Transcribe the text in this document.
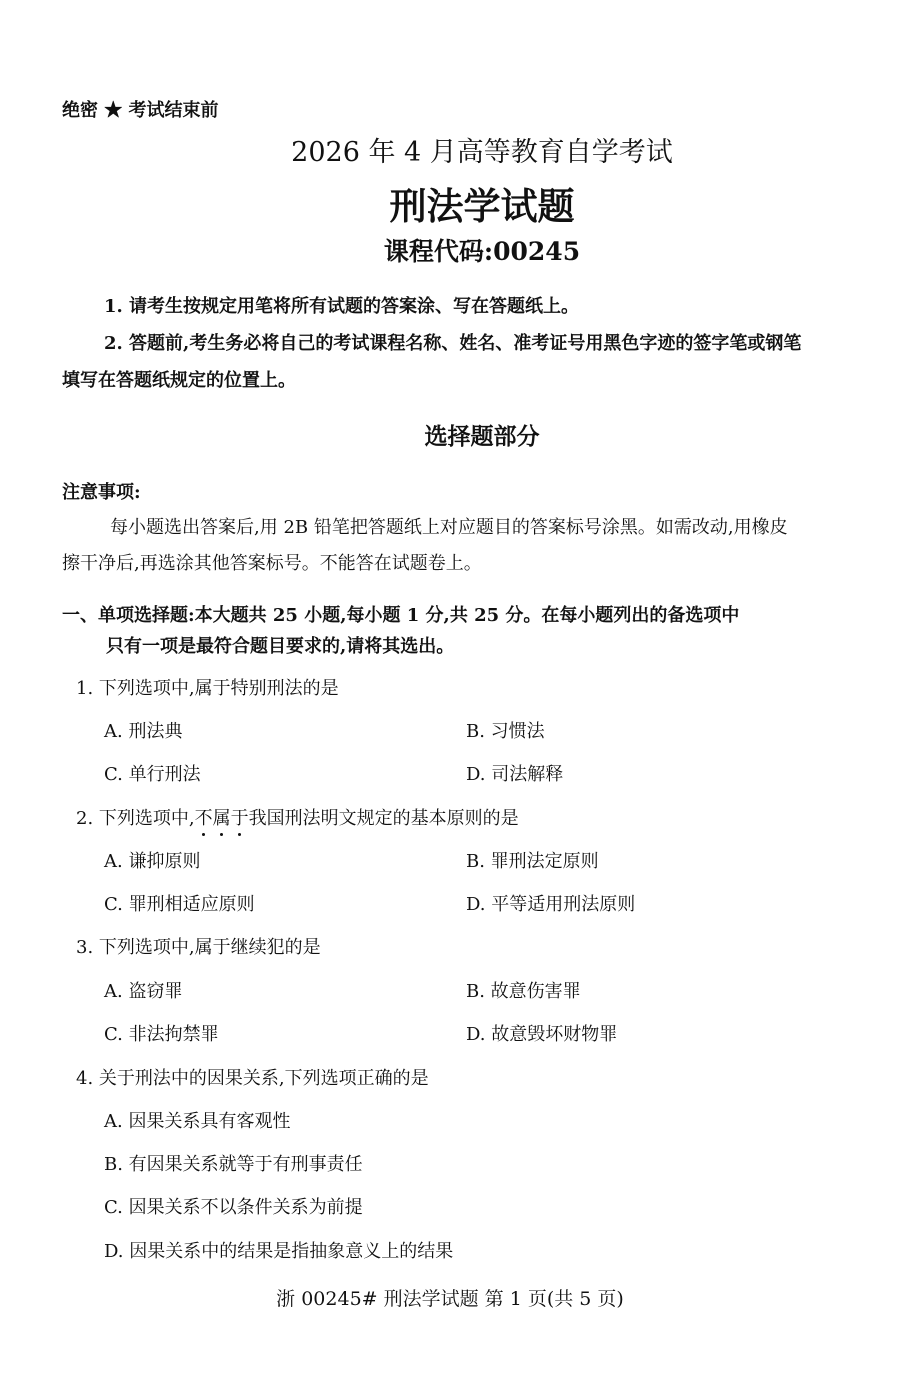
绝密 ★ 考试结束前
2026 年 4 月高等教育自学考试
刑法学试题
课程代码:00245
1. 请考生按规定用笔将所有试题的答案涂、写在答题纸上。
2. 答题前,考生务必将自己的考试课程名称、姓名、准考证号用黑色字迹的签字笔或钢笔
填写在答题纸规定的位置上。
选择题部分
注意事项:
每小题选出答案后,用 2B 铅笔把答题纸上对应题目的答案标号涂黑。如需改动,用橡皮
擦干净后,再选涂其他答案标号。不能答在试题卷上。
一、单项选择题:本大题共 25 小题,每小题 1 分,共 25 分。在每小题列出的备选项中
只有一项是最符合题目要求的,请将其选出。
1. 下列选项中,属于特别刑法的是
A. 刑法典	B. 习惯法
C. 单行刑法	D. 司法解释
2. 下列选项中,不
属
于
我国刑法明文规定的基本原则的是
A. 谦抑原则	B. 罪刑法定原则
C. 罪刑相适应原则	D. 平等适用刑法原则
3. 下列选项中,属于继续犯的是
A. 盗窃罪	B. 故意伤害罪
C. 非法拘禁罪	D. 故意毁坏财物罪
4. 关于刑法中的因果关系,下列选项正确的是
A. 因果关系具有客观性
B. 有因果关系就等于有刑事责任
C. 因果关系不以条件关系为前提
D. 因果关系中的结果是指抽象意义上的结果
浙 00245# 刑法学试题 第 1 页(共 5 页)
